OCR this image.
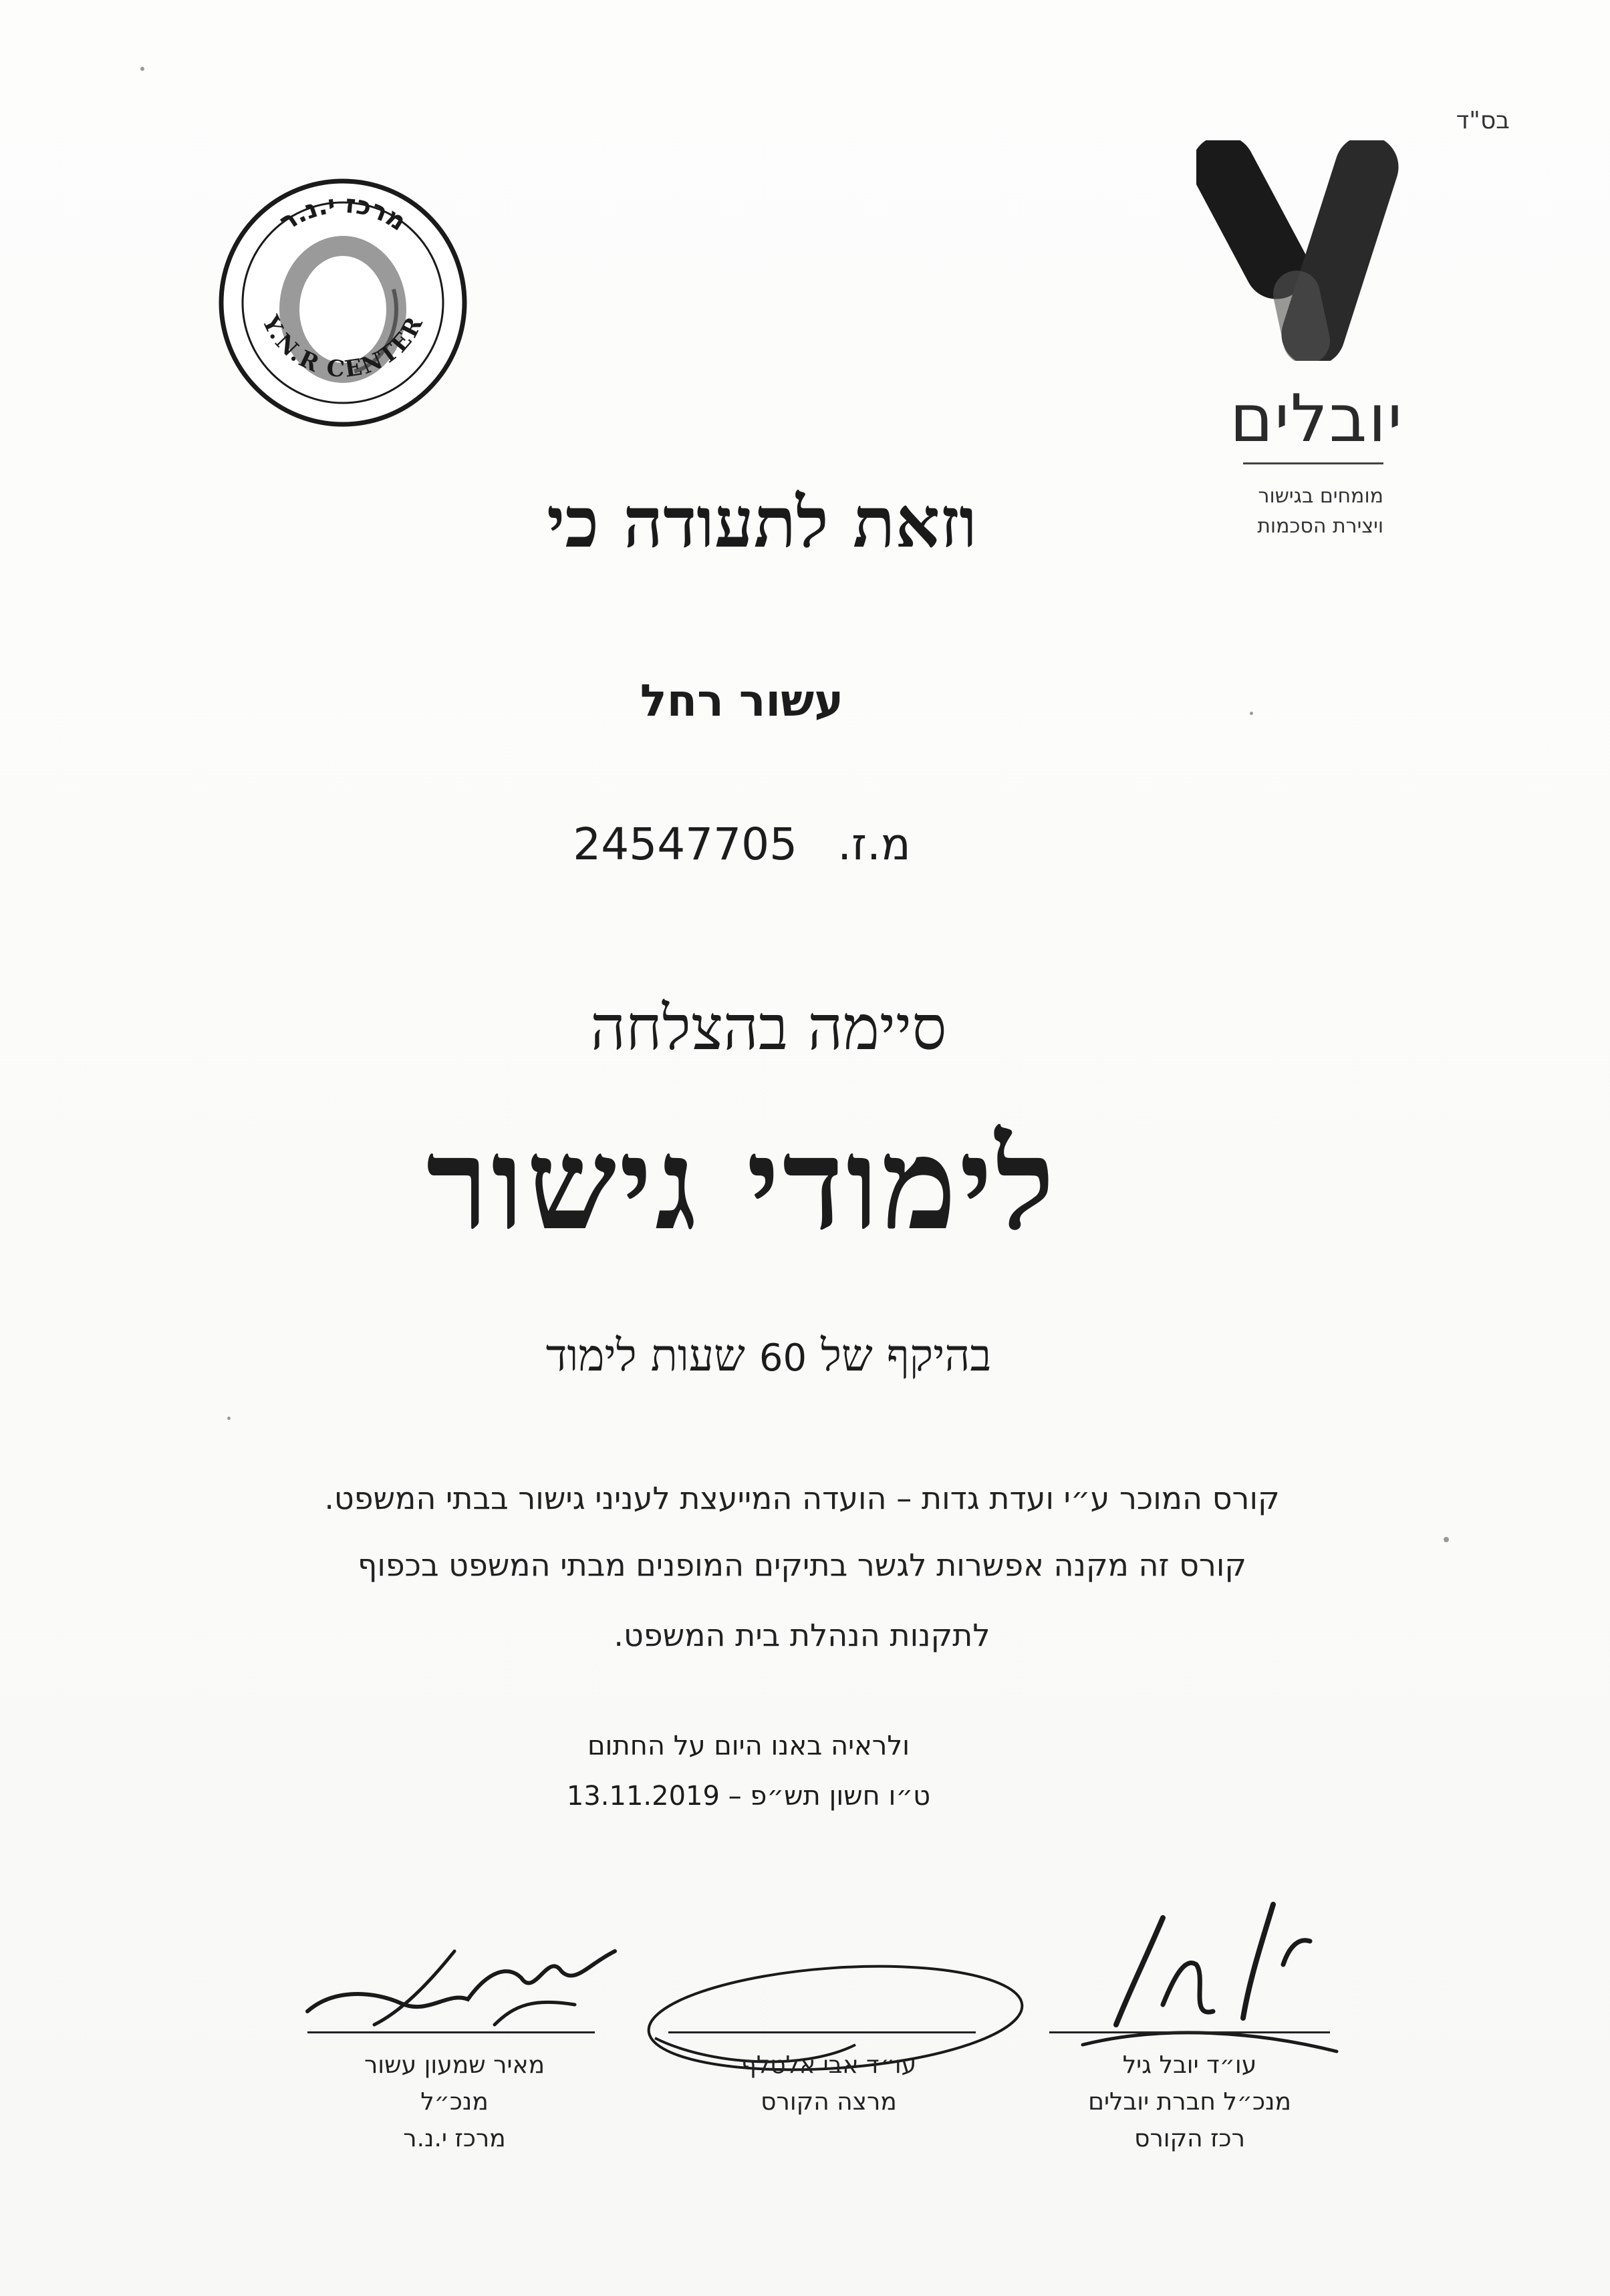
בס"ד
מרכז י.נ.ר
Y.N.R CENTER
יובלים
מומחים בגישור
ויצירת הסכמות
וזאת לתעודה כי
עשור רחל
מ.ז.  24547705
סיימה בהצלחה
לימודי גישור
בהיקף של 60 שעות לימוד
קורס המוכר ע״י ועדת גדות – הועדה המייעצת לעניני גישור בבתי המשפט.
קורס זה מקנה אפשרות לגשר בתיקים המופנים מבתי המשפט בכפוף
לתקנות הנהלת בית המשפט.
ולראיה באנו היום על החתום
ט״ו חשון תש״פ – 13.11.2019
מאיר שמעון עשור
מנכ״ל
מרכז י.נ.ר
עו״ד אבי אלטלף
מרצה הקורס
עו״ד יובל גיל
מנכ״ל חברת יובלים
רכז הקורס
